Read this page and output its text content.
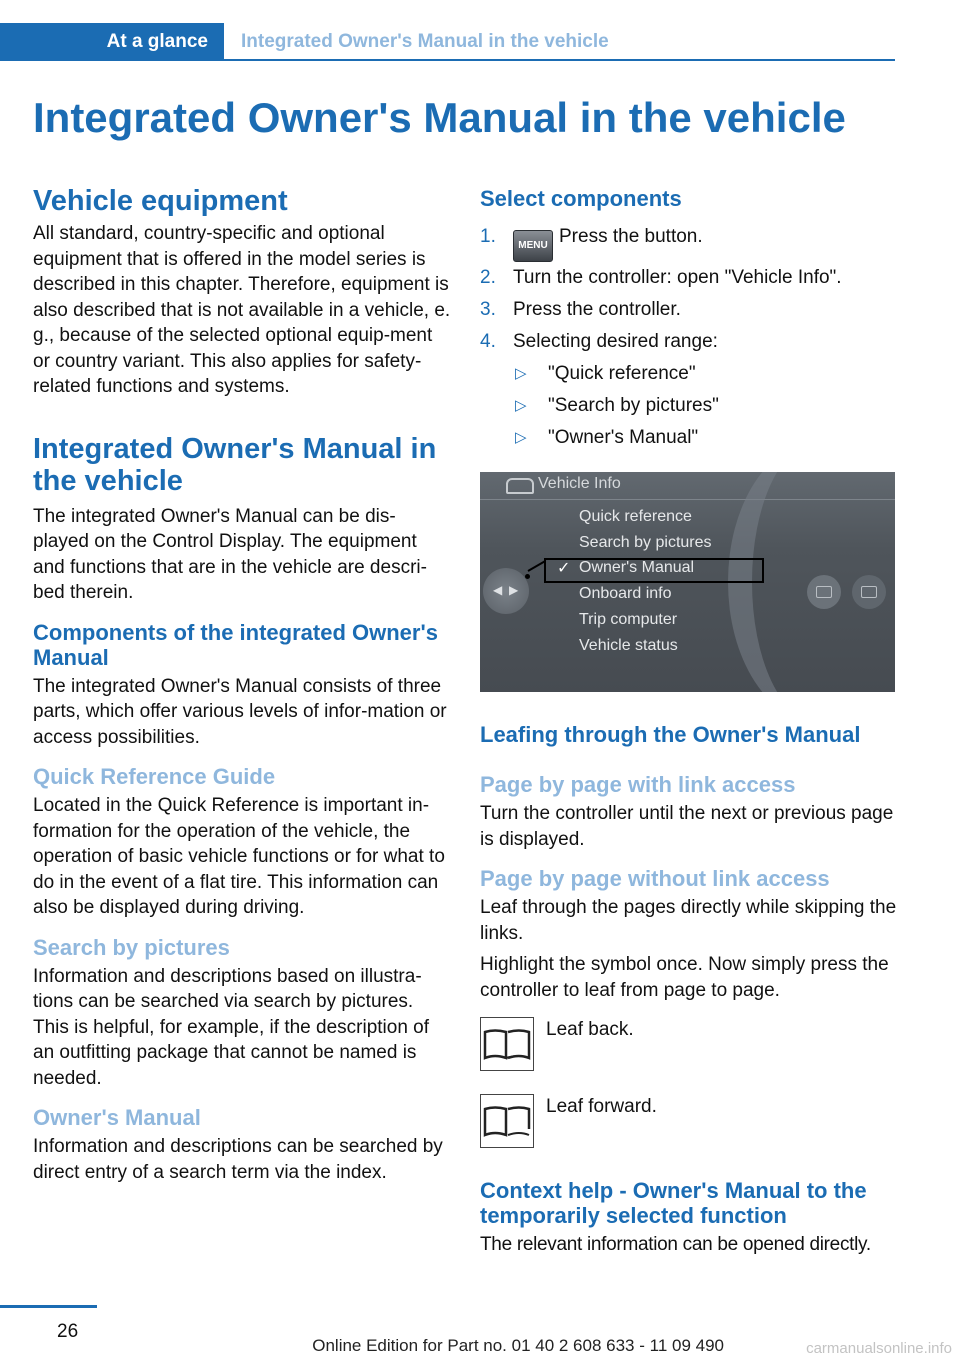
At a glance	Integrated Owner's Manual in the vehicle
Integrated Owner's Manual in the vehicle
Vehicle equipment

All standard, country-specific and optional equipment that is offered in the model series is described in this chapter. Therefore, equipment is also described that is not available in a vehicle, e. g., because of the selected optional equip-ment or country variant. This also applies for safety-related functions and systems.

Integrated Owner's Manual in the vehicle

The integrated Owner's Manual can be dis-played on the Control Display. The equipment and functions that are in the vehicle are descri-bed therein.

Components of the integrated Owner's Manual

The integrated Owner's Manual consists of three parts, which offer various levels of infor-mation or access possibilities.

Quick Reference Guide

Located in the Quick Reference is important in-formation for the operation of the vehicle, the operation of basic vehicle functions or for what to do in the event of a flat tire. This information can also be displayed during driving.

Search by pictures

Information and descriptions based on illustra-tions can be searched via search by pictures. This is helpful, for example, if the description of an outfitting package that cannot be named is needed.

Owner's Manual

Information and descriptions can be searched by direct entry of a search term via the index.

Select components
1. MENU Press the button.
2. Turn the controller: open "Vehicle Info".
3. Press the controller.
4. Selecting desired range:
▷ "Quick reference"
▷ "Search by pictures"
▷ "Owner's Manual"
Vehicle Info
Quick reference
Search by pictures
Owner's Manual
Onboard info
Trip computer
Vehicle status
✓
◀ ▶
Leafing through the Owner's Manual
Page by page with link access

Turn the controller until the next or previous page is displayed.

Page by page without link access

Leaf through the pages directly while skipping the links.

Highlight the symbol once. Now simply press the controller to leaf from page to page.

Leaf back.
Leaf forward.
Context help - Owner's Manual to the temporarily selected function

The relevant information can be opened directly.

26
Online Edition for Part no. 01 40 2 608 633 - 11 09 490	carmanualsonline.info
